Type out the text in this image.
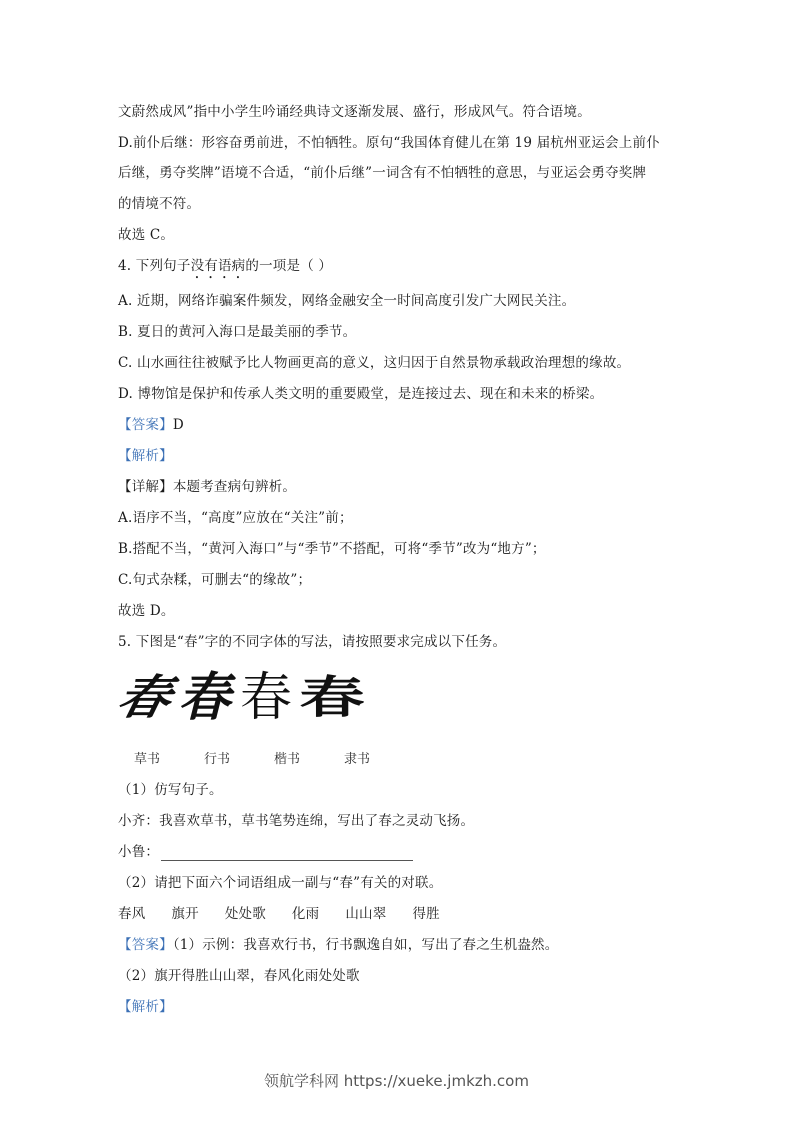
文蔚然成风”指中小学生吟诵经典诗文逐渐发展、盛行，形成风气。符合语境。
D.前仆后继：形容奋勇前进，不怕牺牲。原句“我国体育健儿在第 19 届杭州亚运会上前仆
后继，勇夺奖牌”语境不合适，“前仆后继”一词含有不怕牺牲的意思，与亚运会勇夺奖牌
的情境不符。
故选 C。
4. 下列句子没有语病的一项是（ ）
A. 近期，网络诈骗案件频发，网络金融安全一时间高度引发广大网民关注。
B. 夏日的黄河入海口是最美丽的季节。
C. 山水画往往被赋予比人物画更高的意义，这归因于自然景物承载政治理想的缘故。
D. 博物馆是保护和传承人类文明的重要殿堂，是连接过去、现在和未来的桥梁。
【答案】D
【解析】
【详解】本题考查病句辨析。
A.语序不当，“高度”应放在“关注”前；
B.搭配不当，“黄河入海口”与“季节”不搭配，可将“季节”改为“地方”；
C.句式杂糅，可删去“的缘故”；
故选 D。
5. 下图是“春”字的不同字体的写法，请按照要求完成以下任务。
春 春 春 春
草书	行书	楷书	隶书
（1）仿写句子。
小齐：我喜欢草书，草书笔势连绵，写出了春之灵动飞扬。
小鲁：
（2）请把下面六个词语组成一副与“春”有关的对联。
春风 旗开 处处歌 化雨 山山翠 得胜
【答案】（1）示例：我喜欢行书，行书飘逸自如，写出了春之生机盎然。
（2）旗开得胜山山翠，春风化雨处处歌
【解析】
领航学科网 https://xueke.jmkzh.com
